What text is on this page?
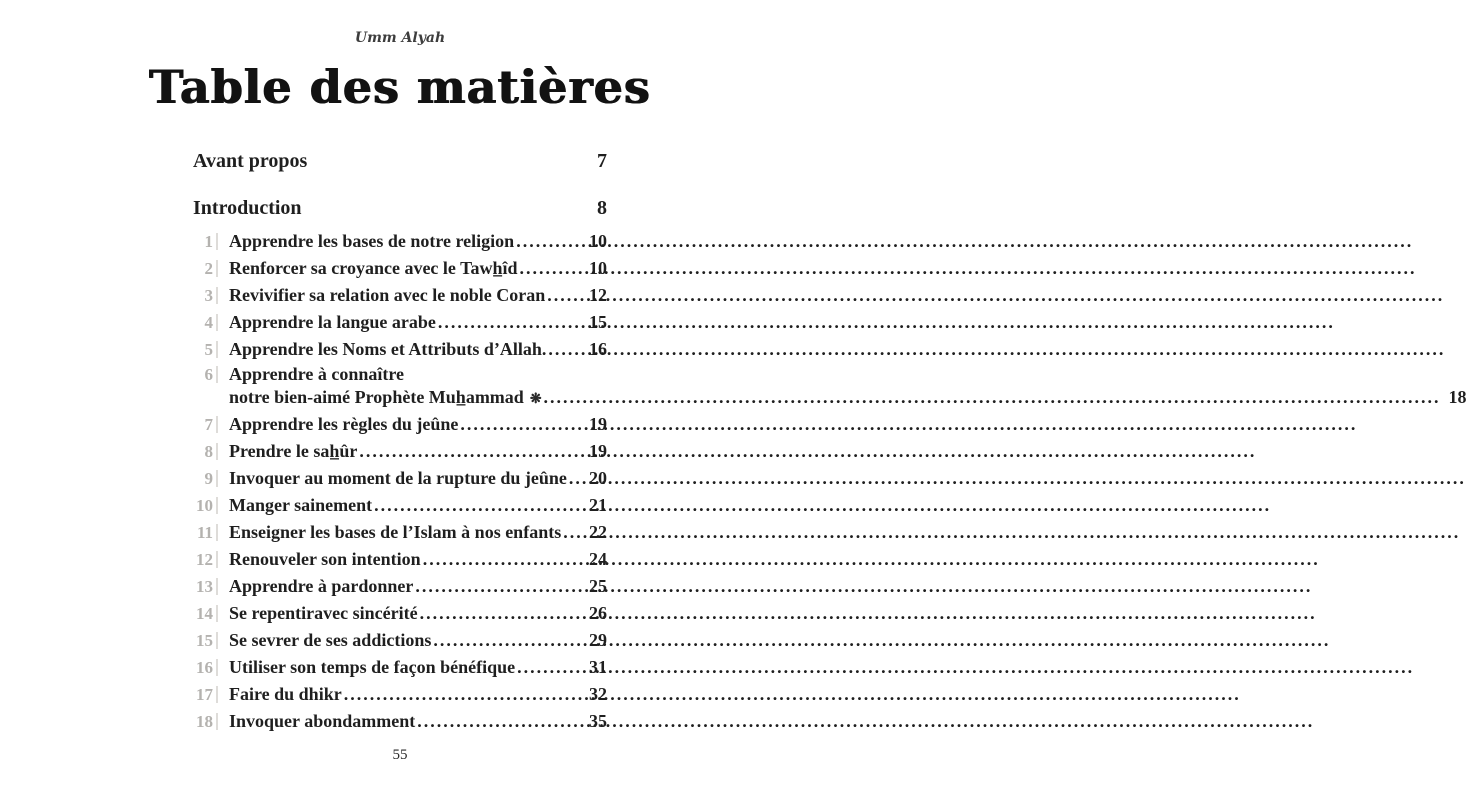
Umm Alyah
Table des matières
Avant propos	7
Introduction	8
1 Apprendre les bases de notre religion .....	10
2 Renforcer sa croyance avec le Tawh̲îd .....	10
3 Revivifier sa relation avec le noble Coran .....	12
4 Apprendre la langue arabe .....	15
5 Apprendre les Noms et Attributs d’Allah. .....	16
6 Apprendre à connaître
notre bien-aimé Prophète Muh̲ammad ❋ .....	18
7 Apprendre les règles du jeûne .....	19
8 Prendre le sah̲ûr .....	19
9 Invoquer au moment de la rupture du jeûne .....	20
10 Manger sainement .....	21
11 Enseigner les bases de l’Islam à nos enfants .....	22
12 Renouveler son intention .....	24
13 Apprendre à pardonner .....	25
14 Se repentiravec sincérité .....	26
15 Se sevrer de ses addictions .....	29
16 Utiliser son temps de façon bénéfique .....	31
17 Faire du dhikr .....	32
18 Invoquer abondamment .....	35
55
